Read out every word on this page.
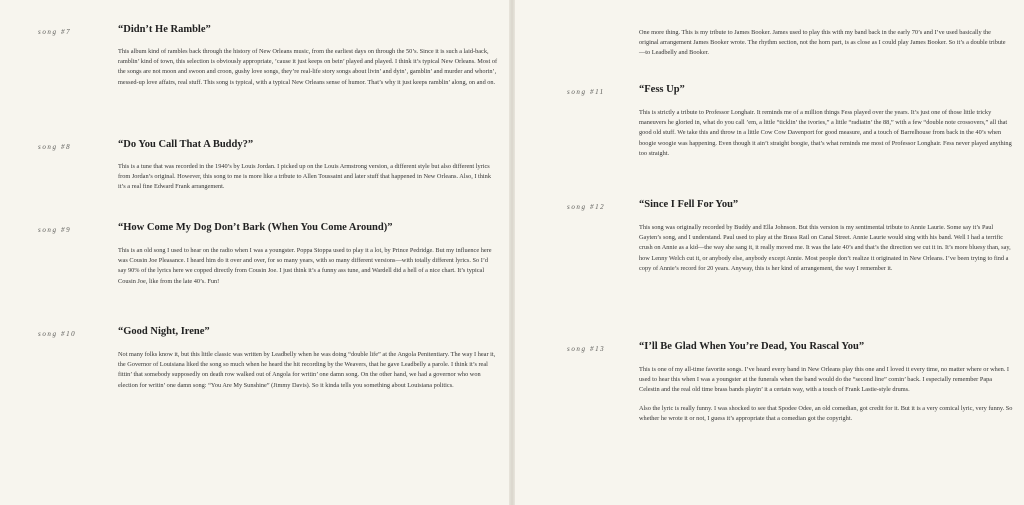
song #7	“Didn’t He Ramble”

This album kind of rambles back through the history of New Orleans music, from the earliest days on through the 50’s. Since it is such a laid-back, ramblin’ kind of town, this selection is obviously appropriate, ’cause it just keeps on bein’ played and played. I think it’s typical New Orleans. Most of the songs are not moon and swoon and croon, gushy love songs, they’re real-life story songs about livin’ and dyin’, gamblin’ and murder and whorin’, messed-up love affairs, real stuff. This song is typical, with a typical New Orleans sense of humor. That’s why it just keeps ramblin’ along, on and on.

song #8	“Do You Call That A Buddy?”

This is a tune that was recorded in the 1940’s by Louis Jordan. I picked up on the Louis Armstrong version, a different style but also different lyrics from Jordan’s original. However, this song to me is more like a tribute to Allen Toussaint and later stuff that happened in New Orleans. Also, I think it’s a real fine Edward Frank arrangement.

song #9	“How Come My Dog Don’t Bark (When You Come Around)”

This is an old song I used to hear on the radio when I was a youngster. Poppa Stoppa used to play it a lot, by Prince Pedridge. But my influence here was Cousin Joe Pleasance. I heard him do it over and over, for so many years, with so many different versions—with totally different lyrics. So I’d say 90% of the lyrics here we copped directly from Cousin Joe. I just think it’s a funny ass tune, and Wardell did a hell of a nice chart. It’s typical Cousin Joe, like from the late 40’s. Fun!

song #10	“Good Night, Irene”

Not many folks know it, but this little classic was written by Leadbelly when he was doing “double life” at the Angola Penitentiary. The way I hear it, the Governor of Louisiana liked the song so much when he heard the hit recording by the Weavers, that he gave Leadbelly a parole. I think it’s real fittin’ that somebody supposedly on death row walked out of Angola for writin’ one damn song. On the other hand, we had a governor who won election for writin’ one damn song: “You Are My Sunshine” (Jimmy Davis). So it kinda tells you something about Louisiana politics.

One more thing. This is my tribute to James Booker. James used to play this with my band back in the early 70’s and I’ve used basically the original arrangement James Booker wrote. The rhythm section, not the horn part, is as close as I could play James Booker. So it’s a double tribute—to Leadbelly and Booker.

song #11	“Fess Up”

This is strictly a tribute to Professor Longhair. It reminds me of a million things Fess played over the years. It’s just one of those little tricky maneuvers he gloried in, what do you call ’em, a little “ticklin’ the ivories,” a little “radiatin’ the 88,” with a few “double note crossovers,” all that good old stuff. We take this and throw in a little Cow Cow Davenport for good measure, and a touch of Barrelhouse from back in the 40’s when boogie woogie was happening. Even though it ain’t straight boogie, that’s what reminds me most of Professor Longhair. Fess never played anything too straight.

song #12	“Since I Fell For You”

This song was originally recorded by Buddy and Ella Johnson. But this version is my sentimental tribute to Annie Laurie. Some say it’s Paul Gayten’s song, and I understand. Paul used to play at the Brass Rail on Canal Street. Annie Laurie would sing with his band. Well I had a terrific crush on Annie as a kid—the way she sang it, it really moved me. It was the late 40’s and that’s the direction we cut it in. It’s more bluesy than, say, how Lenny Welch cut it, or anybody else, anybody except Annie. Most people don’t realize it originated in New Orleans. I’ve been trying to find a copy of Annie’s record for 20 years. Anyway, this is her kind of arrangement, the way I remember it.

song #13	“I’ll Be Glad When You’re Dead, You Rascal You”

This is one of my all-time favorite songs. I’ve heard every band in New Orleans play this one and I loved it every time, no matter where or when. I used to hear this when I was a youngster at the funerals when the band would do the “second line” comin’ back. I especially remember Papa Celestin and the real old time brass bands playin’ it a certain way, with a touch of Frank Lastie-style drums.

Also the lyric is really funny. I was shocked to see that Spodee Odee, an old comedian, got credit for it. But it is a very comical lyric, very funny. So whether he wrote it or not, I guess it’s appropriate that a comedian got the copyright.
